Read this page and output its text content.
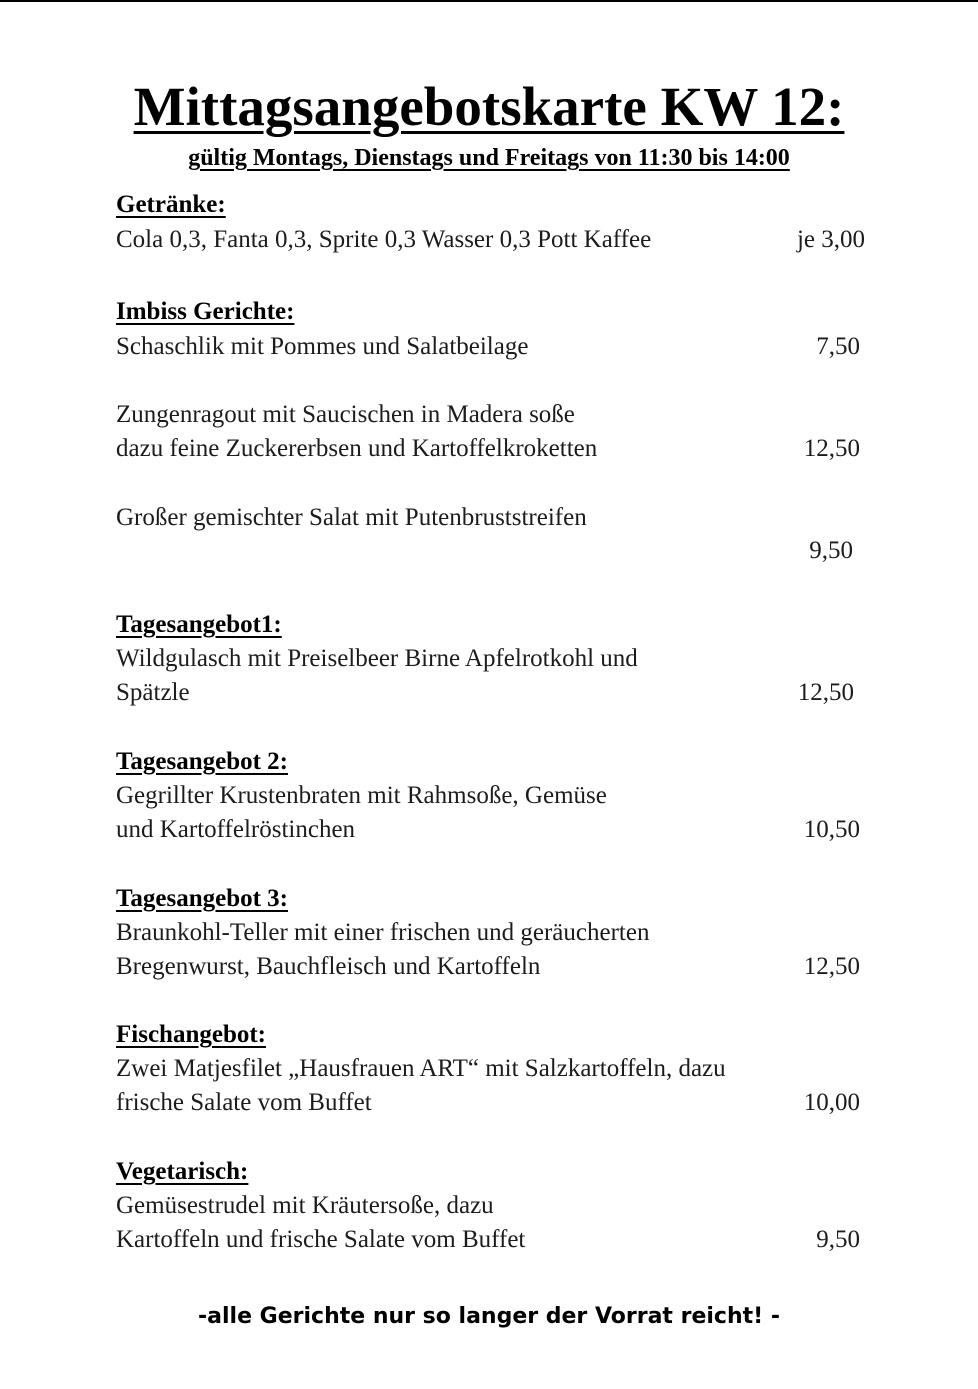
Mittagsangebotskarte KW 12:
gültig Montags, Dienstags und Freitags von 11:30 bis 14:00
Getränke:
Cola 0,3, Fanta 0,3, Sprite 0,3 Wasser 0,3 Pott Kaffee	je 3,00
Imbiss Gerichte:
Schaschlik mit Pommes und Salatbeilage	7,50
Zungenragout mit Saucischen in Madera soße
dazu feine Zuckererbsen und Kartoffelkroketten	12,50
Großer gemischter Salat mit Putenbruststreifen
9,50
Tagesangebot1:
Wildgulasch mit Preiselbeer Birne Apfelrotkohl und
Spätzle	12,50
Tagesangebot 2:
Gegrillter Krustenbraten mit Rahmsoße, Gemüse
und Kartoffelröstinchen	10,50
Tagesangebot 3:
Braunkohl-Teller mit einer frischen und geräucherten
Bregenwurst, Bauchfleisch und Kartoffeln	12,50
Fischangebot:
Zwei Matjesfilet „Hausfrauen ART“ mit Salzkartoffeln, dazu
frische Salate vom Buffet	10,00
Vegetarisch:
Gemüsestrudel mit Kräutersoße, dazu
Kartoffeln und frische Salate vom Buffet	9,50
-alle Gerichte nur so langer der Vorrat reicht! -
